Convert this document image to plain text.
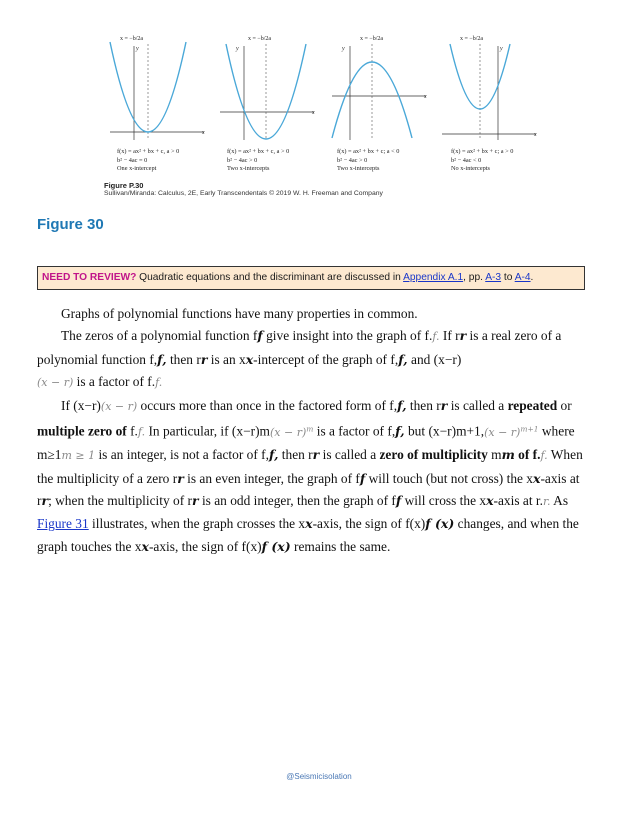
x = −b/2a
y
x
f(x) = ax² + bx + c, a > 0
b² − 4ac = 0
One x-intercept
x = −b/2a
y
x
f(x) = ax² + bx + c, a > 0
b² − 4ac > 0
Two x-intercepts
x = −b/2a
y
x
f(x) = ax² + bx + c; a < 0
b² − 4ac > 0
Two x-intercepts
x = −b/2a
y
x
f(x) = ax² + bx + c; a > 0
b² − 4ac < 0
No x-intercepts
Figure P.30
Sullivan/Miranda: Calculus, 2E, Early Transcendentals © 2019 W. H. Freeman and Company
Figure 30
NEED TO REVIEW? Quadratic equations and the discriminant are discussed in Appendix A.1, pp. A-3 to A-4.

Graphs of polynomial functions have many properties in common.

The zeros of a polynomial function ff give insight into the graph of f.f. If rr is a real zero of a polynomial function f,f, then rr is an xx-intercept of the graph of f,f, and (x−r)
(x − r) is a factor of f.f.

If (x−r)(x − r) occurs more than once in the factored form of f,f, then rr is called a repeated or multiple zero of f.f. In particular, if $(x-r)m(x - r)^m$ is a factor of f,f, but $(x-r)m+1,(x - r)^{m+1}$ where m≥1m ≥ 1 is an integer, is not a factor of f,f, then rr is called a zero of multiplicity mm of f.f. When the multiplicity of a zero rr is an even integer, the graph of ff will touch (but not cross) the xx-axis at rr; when the multiplicity of rr is an odd integer, then the graph of ff will cross the xx-axis at r.r. As Figure 31 illustrates, when the graph crosses the xx-axis, the sign of f(x)f (x) changes, and when the graph touches the xx-axis, the sign of f(x)f (x) remains the same.

@Seismicisolation
